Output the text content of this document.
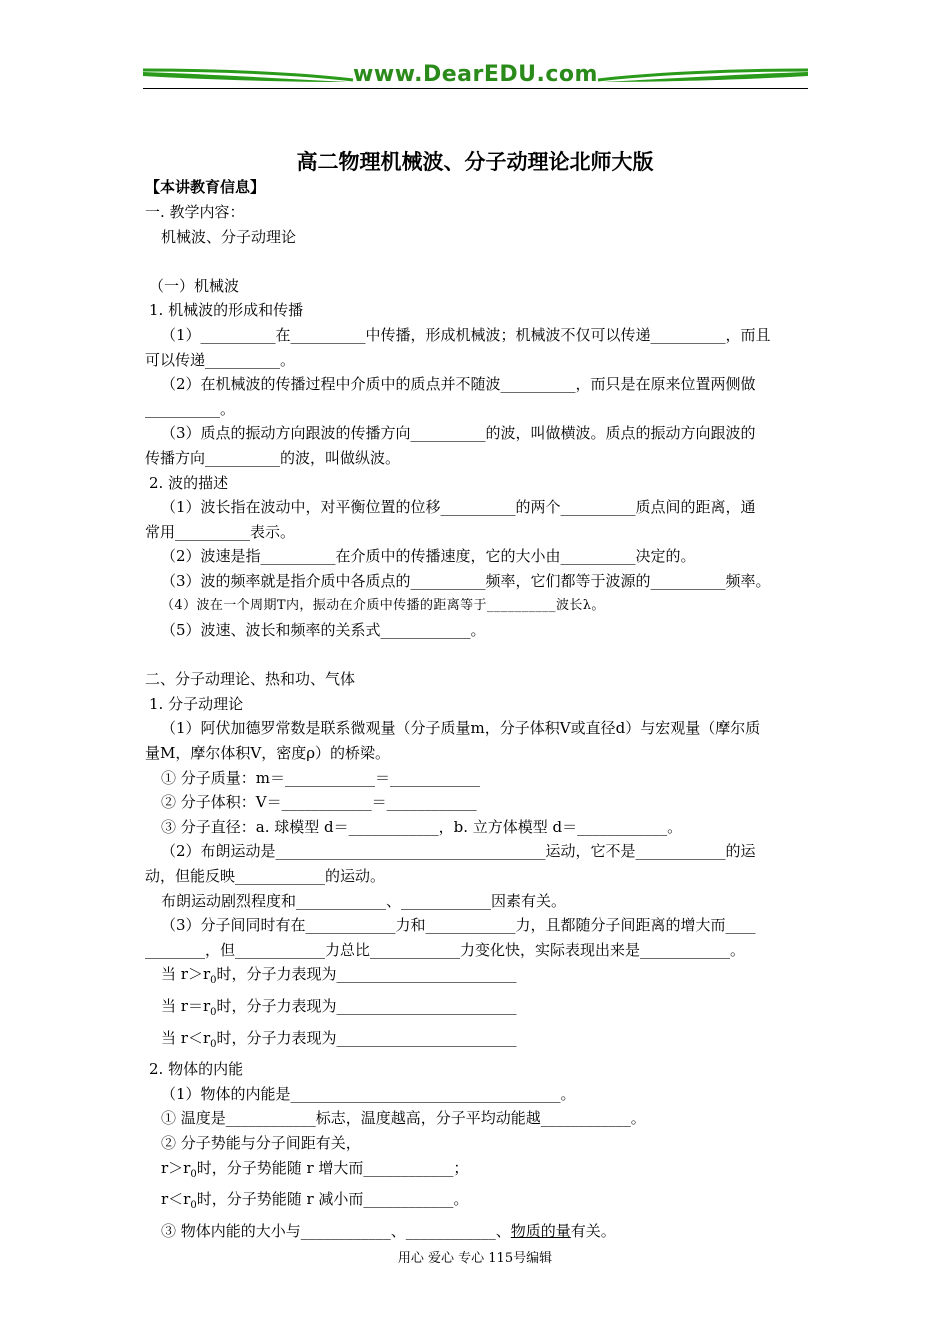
www.DearEDU.com
高二物理机械波、分子动理论北师大版
【本讲教育信息】

一. 教学内容：

机械波、分子动理论

（一）机械波

1. 机械波的形成和传播

（1）__________在__________中传播，形成机械波；机械波不仅可以传递__________，而且

可以传递__________。

（2）在机械波的传播过程中介质中的质点并不随波__________，而只是在原来位置两侧做

__________。

（3）质点的振动方向跟波的传播方向__________的波，叫做横波。质点的振动方向跟波的

传播方向__________的波，叫做纵波。

2. 波的描述

（1）波长指在波动中，对平衡位置的位移__________的两个__________质点间的距离，通

常用__________表示。

（2）波速是指__________在介质中的传播速度，它的大小由__________决定的。

（3）波的频率就是指介质中各质点的__________频率，它们都等于波源的__________频率。

（4）波在一个周期T内，振动在介质中传播的距离等于__________波长λ。

（5）波速、波长和频率的关系式____________。

二、分子动理论、热和功、气体

1. 分子动理论

（1）阿伏加德罗常数是联系微观量（分子质量m，分子体积V或直径d）与宏观量（摩尔质

量M，摩尔体积V，密度ρ）的桥梁。

① 分子质量：m＝____________＝____________

② 分子体积：V＝____________＝____________

③ 分子直径：a. 球模型 d＝____________，b. 立方体模型 d＝____________。

（2）布朗运动是____________________________________运动，它不是____________的运

动，但能反映____________的运动。

布朗运动剧烈程度和____________、____________因素有关。

（3）分子间同时有在____________力和____________力，且都随分子间距离的增大而____

________，但____________力总比____________力变化快，实际表现出来是____________。

当 $r>r_0$时，分子力表现为________________________

当 $r=r_0$时，分子力表现为________________________

当 $r<r_0$时，分子力表现为________________________

2. 物体的内能

（1）物体的内能是____________________________________。

① 温度是____________标志，温度越高，分子平均动能越____________。

② 分子势能与分子间距有关，

$r>r_0$时，分子势能随 r 增大而____________；

$r<r_0$时，分子势能随 r 减小而____________。

③ 物体内能的大小与____________、____________、物质的量有关。

用心 爱心 专心 115号编辑
